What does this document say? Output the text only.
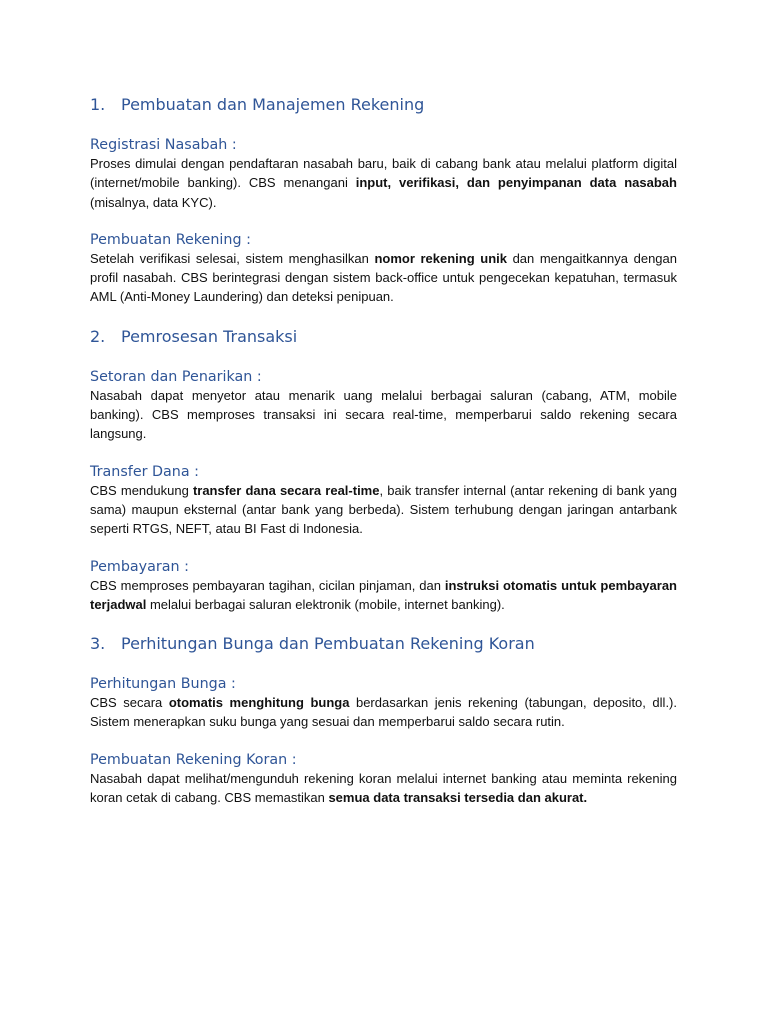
1. Pembuatan dan Manajemen Rekening
Registrasi Nasabah :

Proses dimulai dengan pendaftaran nasabah baru, baik di cabang bank atau melalui platform digital (internet/mobile banking). CBS menangani input, verifikasi, dan penyimpanan data nasabah (misalnya, data KYC).

Pembuatan Rekening :

Setelah verifikasi selesai, sistem menghasilkan nomor rekening unik dan mengaitkannya dengan profil nasabah. CBS berintegrasi dengan sistem back-office untuk pengecekan kepatuhan, termasuk AML (Anti-Money Laundering) dan deteksi penipuan.

2. Pemrosesan Transaksi
Setoran dan Penarikan :

Nasabah dapat menyetor atau menarik uang melalui berbagai saluran (cabang, ATM, mobile banking). CBS memproses transaksi ini secara real-time, memperbarui saldo rekening secara langsung.

Transfer Dana :

CBS mendukung transfer dana secara real-time, baik transfer internal (antar rekening di bank yang sama) maupun eksternal (antar bank yang berbeda). Sistem terhubung dengan jaringan antarbank seperti RTGS, NEFT, atau BI Fast di Indonesia.

Pembayaran :

CBS memproses pembayaran tagihan, cicilan pinjaman, dan instruksi otomatis untuk pembayaran terjadwal melalui berbagai saluran elektronik (mobile, internet banking).

3. Perhitungan Bunga dan Pembuatan Rekening Koran
Perhitungan Bunga :

CBS secara otomatis menghitung bunga berdasarkan jenis rekening (tabungan, deposito, dll.). Sistem menerapkan suku bunga yang sesuai dan memperbarui saldo secara rutin.

Pembuatan Rekening Koran :

Nasabah dapat melihat/mengunduh rekening koran melalui internet banking atau meminta rekening koran cetak di cabang. CBS memastikan semua data transaksi tersedia dan akurat.
